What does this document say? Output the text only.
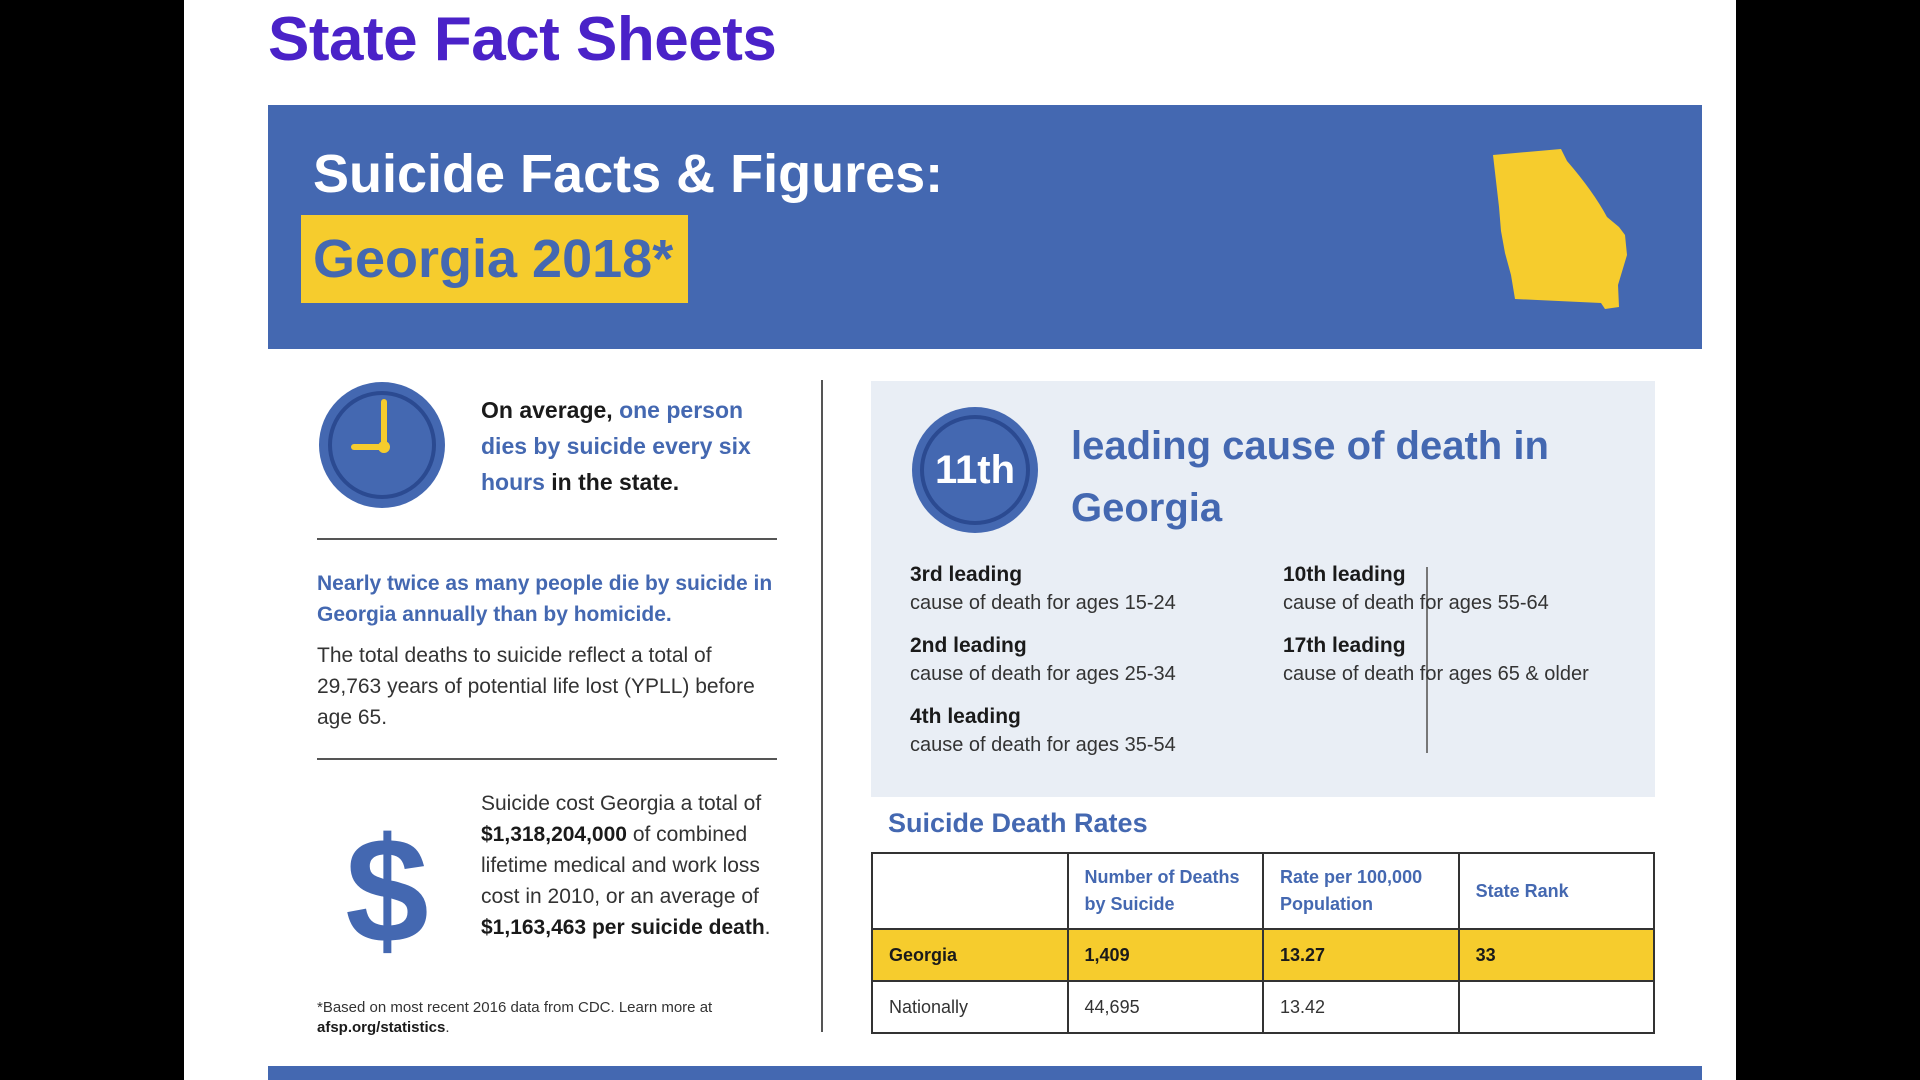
State Fact Sheets
Suicide Facts & Figures:
Georgia 2018*
On average, one person dies by suicide every six hours in the state.
Nearly twice as many people die by suicide in Georgia annually than by homicide.
The total deaths to suicide reflect a total of 29,763 years of potential life lost (YPLL) before age 65.
$
Suicide cost Georgia a total of $1,318,204,000 of combined lifetime medical and work loss cost in 2010, or an average of $1,163,463 per suicide death.
*Based on most recent 2016 data from CDC. Learn more at afsp.org/statistics.
11th
leading cause of death in Georgia
3rd leading
cause of death for ages 15-24
2nd leading
cause of death for ages 25-34
4th leading
cause of death for ages 35-54
10th leading
cause of death for ages 55-64
17th leading
cause of death for ages 65 & older
Suicide Death Rates
	Number of Deaths by Suicide	Rate per 100,000 Population	State Rank
Georgia	1,409	13.27	33
Nationally	44,695	13.42	
